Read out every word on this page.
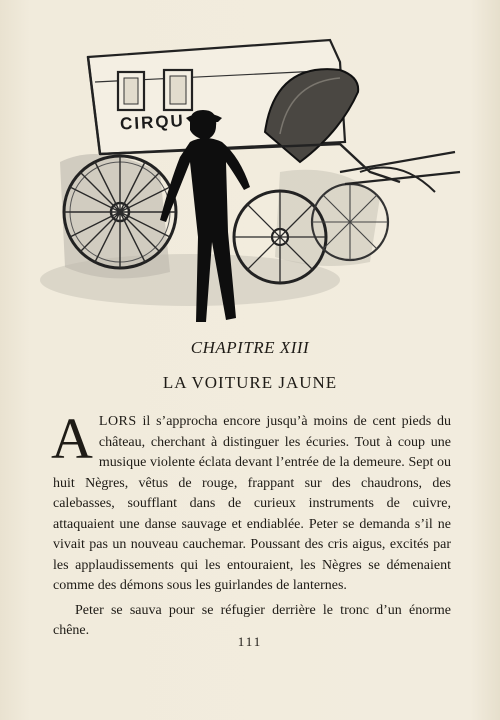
CIRQU
CHAPITRE XIII
LA VOITURE JAUNE

ALORS il s’approcha encore jusqu’à moins de cent pieds du château, cherchant à distinguer les écuries. Tout à coup une musique violente éclata devant l’entrée de la demeure. Sept ou huit Nègres, vêtus de rouge, frappant sur des chaudrons, des calebasses, soufflant dans de curieux instruments de cuivre, attaquaient une danse sauvage et endiablée. Peter se demanda s’il ne vivait pas un nouveau cauchemar. Poussant des cris aigus, excités par les applaudissements qui les entouraient, les Nègres se démenaient comme des démons sous les guirlandes de lanternes.

Peter se sauva pour se réfugier derrière le tronc d’un énorme chêne.

111
